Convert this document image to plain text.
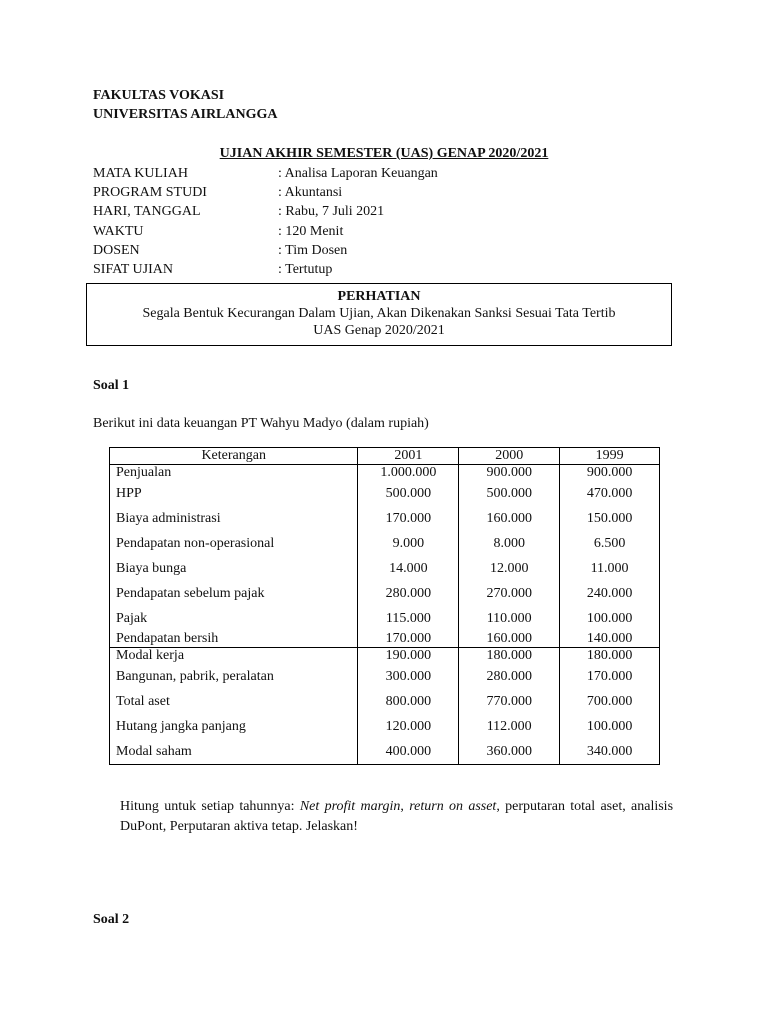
FAKULTAS VOKASI
UNIVERSITAS AIRLANGGA
UJIAN AKHIR SEMESTER (UAS) GENAP 2020/2021
MATA KULIAH	: Analisa Laporan Keuangan
PROGRAM STUDI	: Akuntansi
HARI, TANGGAL	: Rabu, 7 Juli 2021
WAKTU	: 120 Menit
DOSEN	: Tim Dosen
SIFAT UJIAN	: Tertutup
PERHATIAN
Segala Bentuk Kecurangan Dalam Ujian, Akan Dikenakan Sanksi Sesuai Tata Tertib
UAS Genap 2020/2021
Soal 1
Berikut ini data keuangan PT Wahyu Madyo (dalam rupiah)
Keterangan	2001	2000	1999
Penjualan	1.000.000	900.000	900.000
HPP	500.000	500.000	470.000
Biaya administrasi	170.000	160.000	150.000
Pendapatan non-operasional	9.000	8.000	6.500
Biaya bunga	14.000	12.000	11.000
Pendapatan sebelum pajak	280.000	270.000	240.000
Pajak	115.000	110.000	100.000
Pendapatan bersih	170.000	160.000	140.000
Modal kerja	190.000	180.000	180.000
Bangunan, pabrik, peralatan	300.000	280.000	170.000
Total aset	800.000	770.000	700.000
Hutang jangka panjang	120.000	112.000	100.000
Modal saham	400.000	360.000	340.000
Hitung untuk setiap tahunnya: Net profit margin, return on asset, perputaran total aset, analisis DuPont, Perputaran aktiva tetap. Jelaskan!
Soal 2
